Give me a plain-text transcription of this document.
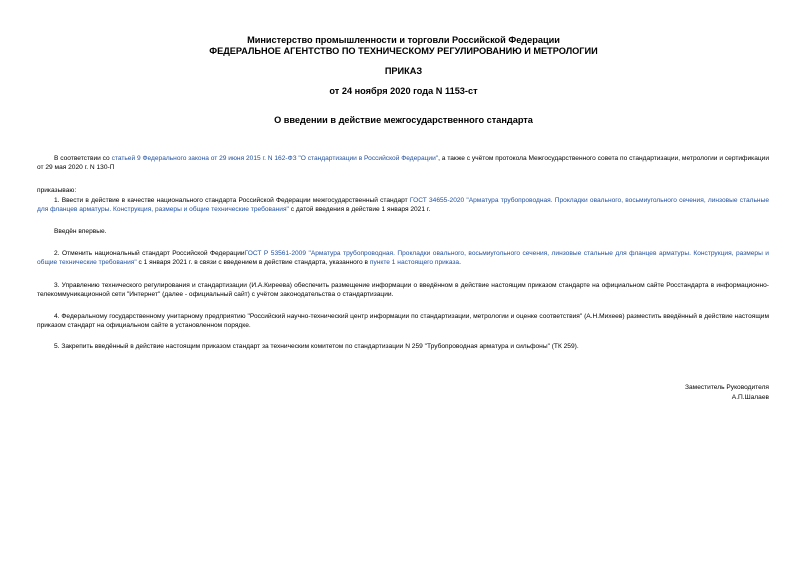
Министерство промышленности и торговли Российской Федерации
ФЕДЕРАЛЬНОЕ АГЕНТСТВО ПО ТЕХНИЧЕСКОМУ РЕГУЛИРОВАНИЮ И МЕТРОЛОГИИ
ПРИКАЗ
от 24 ноября 2020 года N 1153-ст
О введении в действие межгосударственного стандарта
В соответствии со статьей 9 Федерального закона от 29 июня 2015 г. N 162-ФЗ "О стандартизации в Российской Федерации", а также с учётом протокола Межгосударственного совета по стандартизации, метрологии и сертификации от 29 мая 2020 г. N 130-П
приказываю:
1. Ввести в действие в качестве национального стандарта Российской Федерации межгосударственный стандарт ГОСТ 34655-2020 "Арматура трубопроводная. Прокладки овального, восьмиугольного сечения, линзовые стальные для фланцев арматуры. Конструкция, размеры и общие технические требования" с датой введения в действие 1 января 2021 г.
Введён впервые.
2. Отменить национальный стандарт Российской ФедерацииГОСТ Р 53561-2009 "Арматура трубопроводная. Прокладки овального, восьмиугольного сечения, линзовые стальные для фланцев арматуры. Конструкция, размеры и общие технические требования" с 1 января 2021 г. в связи с введением в действие стандарта, указанного в пункте 1 настоящего приказа.
3. Управлению технического регулирования и стандартизации (И.А.Киреева) обеспечить размещение информации о введённом в действие настоящим приказом стандарте на официальном сайте Росстандарта в информационно-телекоммуникационной сети "Интернет" (далее - официальный сайт) с учётом законодательства о стандартизации.
4. Федеральному государственному унитарному предприятию "Российский научно-технический центр информации по стандартизации, метрологии и оценке соответствия" (А.Н.Михеев) разместить введённый в действие настоящим приказом стандарт на официальном сайте в установленном порядке.
5. Закрепить введённый в действие настоящим приказом стандарт за техническим комитетом по стандартизации N 259 "Трубопроводная арматура и сильфоны" (ТК 259).
Заместитель Руководителя
А.П.Шалаев
